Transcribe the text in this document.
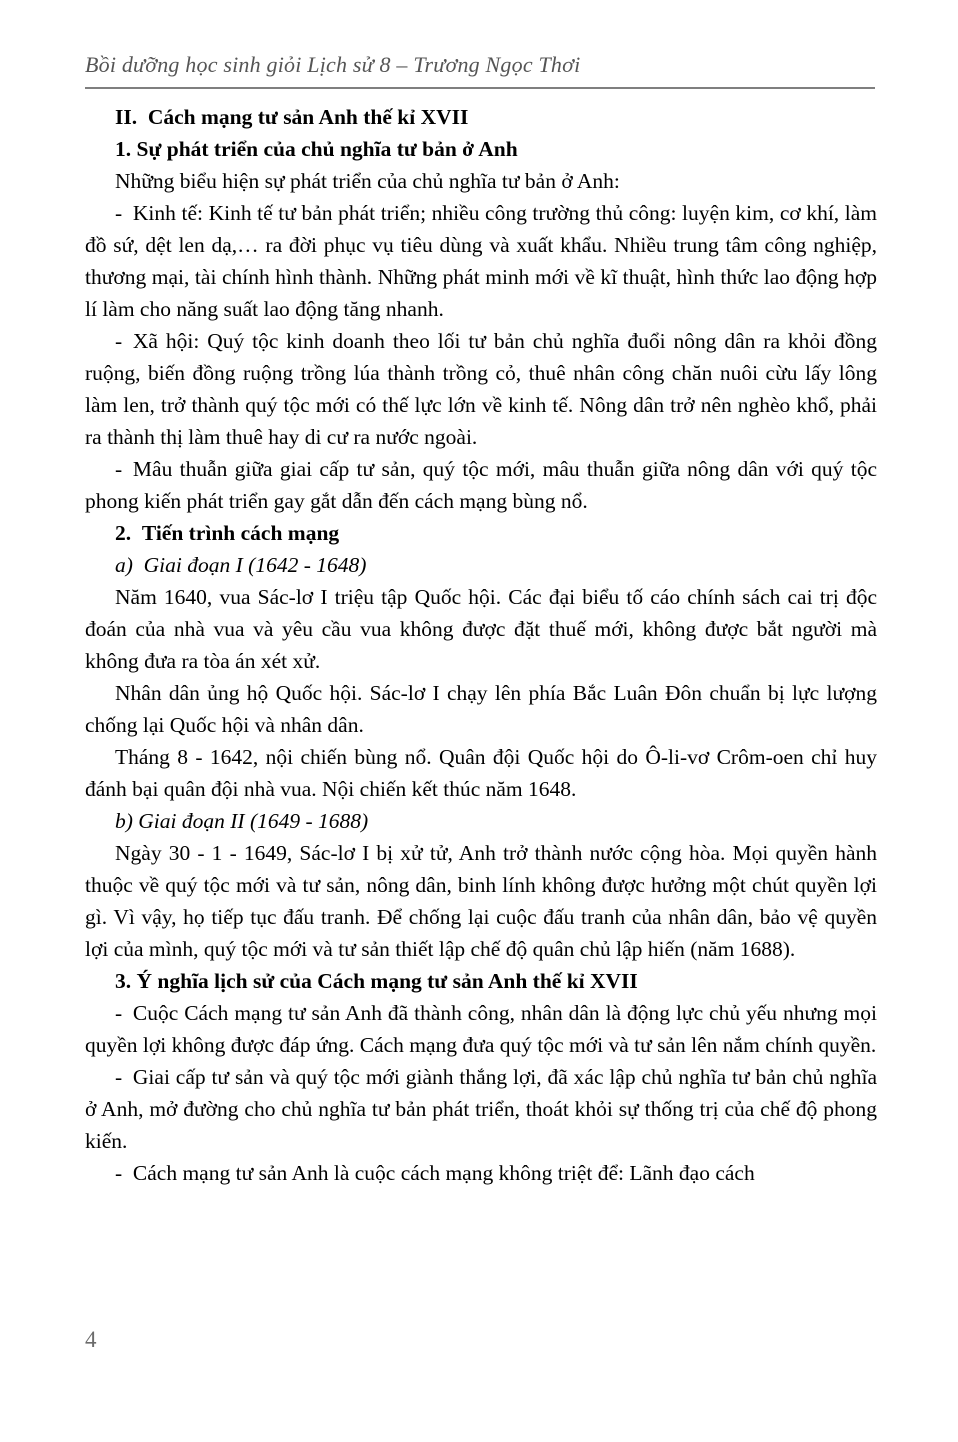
Bồi dưỡng học sinh giỏi Lịch sử 8 – Trương Ngọc Thơi

II. Cách mạng tư sản Anh thế kỉ XVII

1. Sự phát triển của chủ nghĩa tư bản ở Anh

Những biểu hiện sự phát triển của chủ nghĩa tư bản ở Anh:

- Kinh tế: Kinh tế tư bản phát triển; nhiều công trường thủ công: luyện kim, cơ khí, làm đồ sứ, dệt len dạ,… ra đời phục vụ tiêu dùng và xuất khẩu. Nhiều trung tâm công nghiệp, thương mại, tài chính hình thành. Những phát minh mới về kĩ thuật, hình thức lao động hợp lí làm cho năng suất lao động tăng nhanh.

- Xã hội: Quý tộc kinh doanh theo lối tư bản chủ nghĩa đuổi nông dân ra khỏi đồng ruộng, biến đồng ruộng trồng lúa thành trồng cỏ, thuê nhân công chăn nuôi cừu lấy lông làm len, trở thành quý tộc mới có thế lực lớn về kinh tế. Nông dân trở nên nghèo khổ, phải ra thành thị làm thuê hay di cư ra nước ngoài.

- Mâu thuẫn giữa giai cấp tư sản, quý tộc mới, mâu thuẫn giữa nông dân với quý tộc phong kiến phát triển gay gắt dẫn đến cách mạng bùng nổ.

2. Tiến trình cách mạng

a) Giai đoạn I (1642 - 1648)

Năm 1640, vua Sác-lơ I triệu tập Quốc hội. Các đại biểu tố cáo chính sách cai trị độc đoán của nhà vua và yêu cầu vua không được đặt thuế mới, không được bắt người mà không đưa ra tòa án xét xử.

Nhân dân ủng hộ Quốc hội. Sác-lơ I chạy lên phía Bắc Luân Đôn chuẩn bị lực lượng chống lại Quốc hội và nhân dân.

Tháng 8 - 1642, nội chiến bùng nổ. Quân đội Quốc hội do Ô-li-vơ Crôm-oen chỉ huy đánh bại quân đội nhà vua. Nội chiến kết thúc năm 1648.

b) Giai đoạn II (1649 - 1688)

Ngày 30 - 1 - 1649, Sác-lơ I bị xử tử, Anh trở thành nước cộng hòa. Mọi quyền hành thuộc về quý tộc mới và tư sản, nông dân, binh lính không được hưởng một chút quyền lợi gì. Vì vậy, họ tiếp tục đấu tranh. Để chống lại cuộc đấu tranh của nhân dân, bảo vệ quyền lợi của mình, quý tộc mới và tư sản thiết lập chế độ quân chủ lập hiến (năm 1688).

3. Ý nghĩa lịch sử của Cách mạng tư sản Anh thế kỉ XVII

- Cuộc Cách mạng tư sản Anh đã thành công, nhân dân là động lực chủ yếu nhưng mọi quyền lợi không được đáp ứng. Cách mạng đưa quý tộc mới và tư sản lên nắm chính quyền.

- Giai cấp tư sản và quý tộc mới giành thắng lợi, đã xác lập chủ nghĩa tư bản chủ nghĩa ở Anh, mở đường cho chủ nghĩa tư bản phát triển, thoát khỏi sự thống trị của chế độ phong kiến.

- Cách mạng tư sản Anh là cuộc cách mạng không triệt để: Lãnh đạo cách

4
